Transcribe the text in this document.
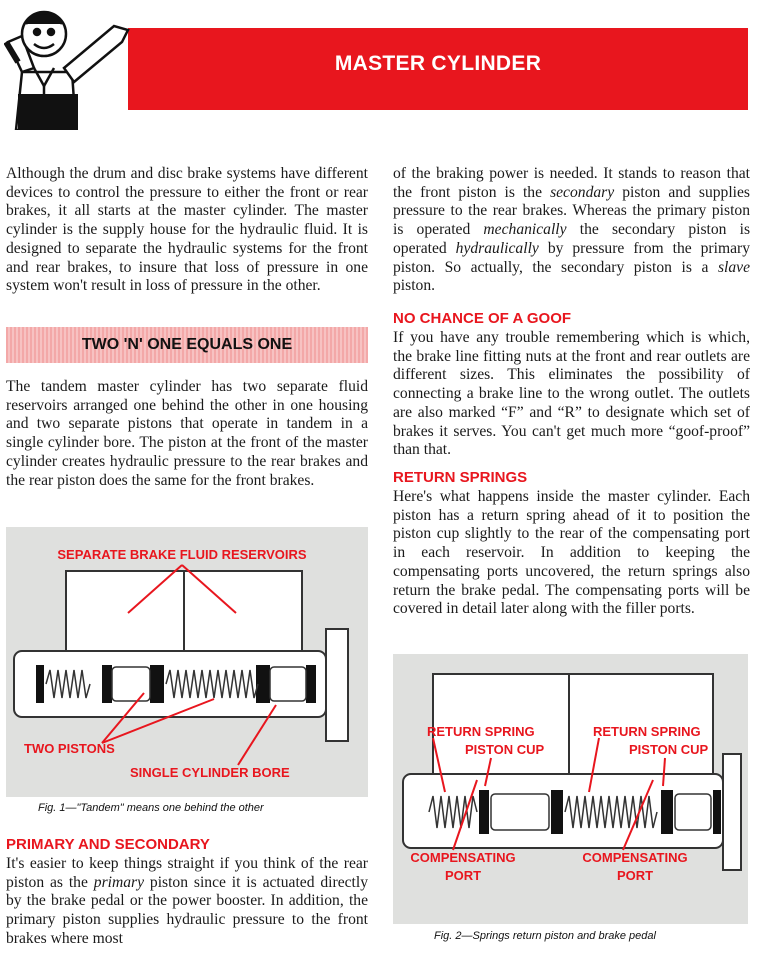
MASTER CYLINDER

Although the drum and disc brake systems have different devices to control the pressure to either the front or rear brakes, it all starts at the master cylinder. The master cylinder is the supply house for the hydraulic fluid. It is designed to separate the hydraulic systems for the front and rear brakes, to insure that loss of pressure in one system won't result in loss of pressure in the other.

TWO 'N' ONE EQUALS ONE

The tandem master cylinder has two separate fluid reservoirs arranged one behind the other in one housing and two separate pistons that operate in tandem in a single cylinder bore. The piston at the front of the master cylinder creates hydraulic pressure to the rear brakes and the rear piston does the same for the front brakes.

SEPARATE BRAKE FLUID RESERVOIRS
TWO PISTONS
SINGLE CYLINDER BORE
Fig. 1—"Tandem" means one behind the other

PRIMARY AND SECONDARY

It's easier to keep things straight if you think of the rear piston as the primary piston since it is actuated directly by the brake pedal or the power booster. In addition, the primary piston supplies hydraulic pressure to the front brakes where most

of the braking power is needed. It stands to reason that the front piston is the secondary piston and supplies pressure to the rear brakes. Whereas the primary piston is operated mechanically the secondary piston is operated hydraulically by pressure from the primary piston. So actually, the secondary piston is a slave piston.

NO CHANCE OF A GOOF

If you have any trouble remembering which is which, the brake line fitting nuts at the front and rear outlets are different sizes. This eliminates the possibility of connecting a brake line to the wrong outlet. The outlets are also marked “F” and “R” to designate which set of brakes it serves. You can't get much more “goof-proof” than that.

RETURN SPRINGS

Here's what happens inside the master cylinder. Each piston has a return spring ahead of it to position the piston cup slightly to the rear of the compensating port in each reservoir. In addition to keeping the compensating ports uncovered, the return springs also return the brake pedal. The compensating ports will be covered in detail later along with the filler ports.

RETURN SPRING
PISTON CUP
RETURN SPRING
PISTON CUP
COMPENSATING
PORT
COMPENSATING
PORT
Fig. 2—Springs return piston and brake pedal
